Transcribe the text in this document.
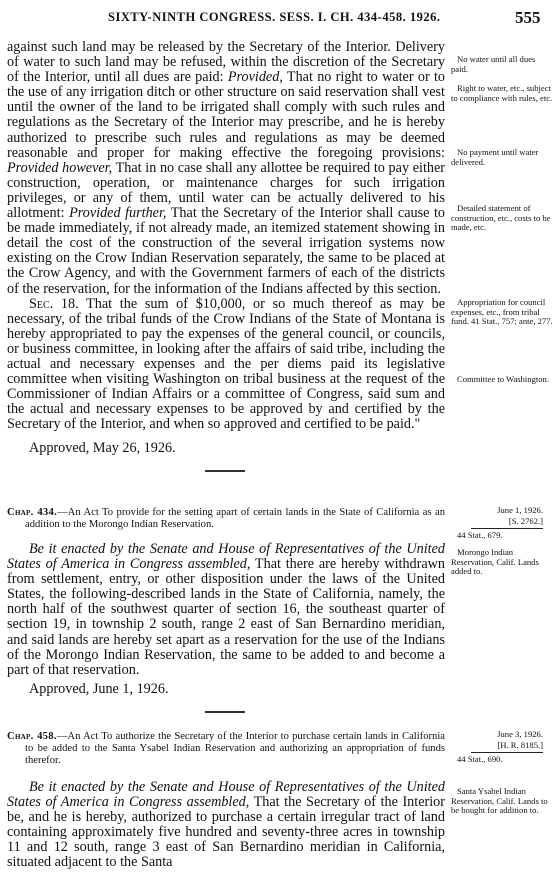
SIXTY-NINTH CONGRESS. SESS. I. CH. 434-458. 1926.	555

against such land may be released by the Secretary of the Interior. Delivery of water to such land may be refused, within the discretion of the Secretary of the Interior, until all dues are paid: Provided, That no right to water or to the use of any irrigation ditch or other structure on said reservation shall vest until the owner of the land to be irrigated shall comply with such rules and regulations as the Secretary of the Interior may prescribe, and he is hereby authorized to prescribe such rules and regulations as may be deemed reasonable and proper for making effective the foregoing provisions: Provided however, That in no case shall any allottee be required to pay either construction, operation, or maintenance charges for such irrigation privileges, or any of them, until water can be actually delivered to his allotment: Provided further, That the Secretary of the Interior shall cause to be made immediately, if not already made, an itemized statement showing in detail the cost of the construction of the several irrigation systems now existing on the Crow Indian Reservation separately, the same to be placed at the Crow Agency, and with the Government farmers of each of the districts of the reservation, for the information of the Indians affected by this section.

Sec. 18. That the sum of $10,000, or so much thereof as may be necessary, of the tribal funds of the Crow Indians of the State of Montana is hereby appropriated to pay the expenses of the general council, or councils, or business committee, in looking after the affairs of said tribe, including the actual and necessary expenses and the per diems paid its legislative committee when visiting Washington on tribal business at the request of the Commissioner of Indian Affairs or a committee of Congress, said sum and the actual and necessary expenses to be approved by and certified by the Secretary of the Interior, and when so approved and certified to be paid."

Approved, May 26, 1926.
No water until all dues paid.
Right to water, etc., subject to compliance with rules, etc.
No payment until water delivered.
Detailed statement of construction, etc., costs to be made, etc.
Appropriation for council expenses, etc., from tribal fund. 41 Stat., 757; ante, 277.
Committee to Washington.
Chap. 434.—An Act To provide for the setting apart of certain lands in the State of California as an addition to the Morongo Indian Reservation.
June 1, 1926.
[S. 2762.]
44 Stat., 679.

Be it enacted by the Senate and House of Representatives of the United States of America in Congress assembled, That there are hereby withdrawn from settlement, entry, or other disposition under the laws of the United States, the following-described lands in the State of California, namely, the north half of the southwest quarter of section 16, the southeast quarter of section 19, in township 2 south, range 2 east of San Bernardino meridian, and said lands are hereby set apart as a reservation for the use of the Indians of the Morongo Indian Reservation, the same to be added to and become a part of that reservation.

Morongo Indian Reservation, Calif. Lands added to.
Approved, June 1, 1926.
Chap. 458.—An Act To authorize the Secretary of the Interior to purchase certain lands in California to be added to the Santa Ysabel Indian Reservation and authorizing an appropriation of funds therefor.
June 3, 1926.
[H. R. 8185.]
44 Stat., 690.

Be it enacted by the Senate and House of Representatives of the United States of America in Congress assembled, That the Secretary of the Interior be, and he is hereby, authorized to purchase a certain irregular tract of land containing approximately five hundred and seventy-three acres in township 11 and 12 south, range 3 east of San Bernardino meridian in California, situated adjacent to the Santa

Santa Ysabel Indian Reservation, Calif. Lands to be bought for addition to.
